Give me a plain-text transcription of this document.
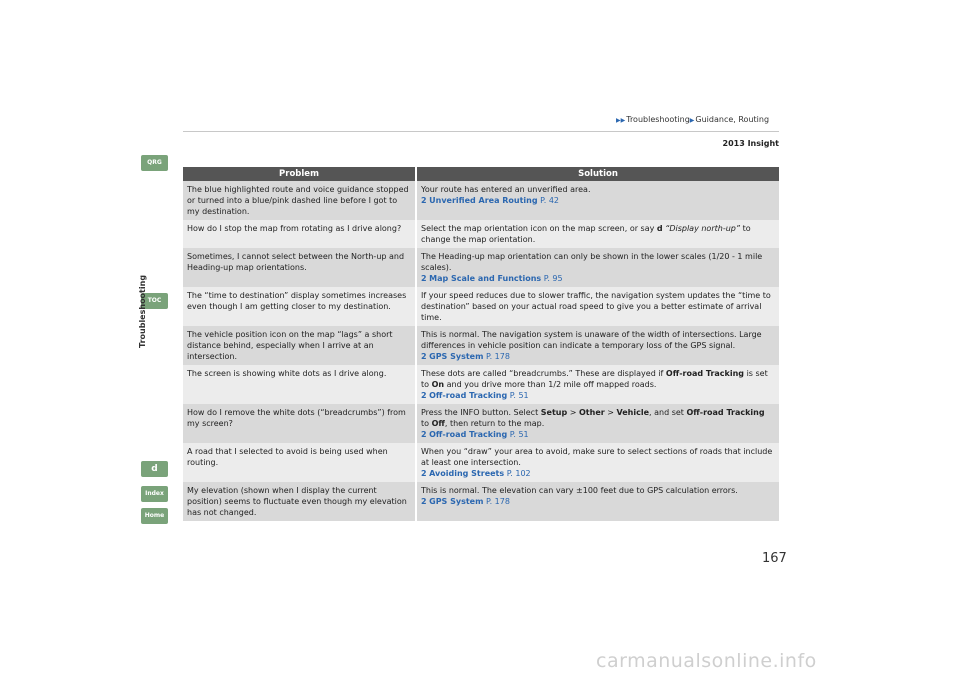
▶▶Troubleshooting▶Guidance, Routing
2013 Insight
QRG
TOC
Troubleshooting
d
Index
Home
Problem	Solution
The blue highlighted route and voice guidance stopped or turned into a blue/pink dashed line before I got to my destination.	Your route has entered an unverified area.
2 Unverified Area Routing P. 42

How do I stop the map from rotating as I drive along?	Select the map orientation icon on the map screen, or say d “Display north-up” to change the map orientation.
Sometimes, I cannot select between the North-up and Heading-up map orientations.	The Heading-up map orientation can only be shown in the lower scales (1/20 - 1 mile scales).
2 Map Scale and Functions P. 95

The “time to destination” display sometimes increases even though I am getting closer to my destination.	If your speed reduces due to slower traffic, the navigation system updates the “time to destination” based on your actual road speed to give you a better estimate of arrival time.
The vehicle position icon on the map “lags” a short distance behind, especially when I arrive at an intersection.	This is normal. The navigation system is unaware of the width of intersections. Large differences in vehicle position can indicate a temporary loss of the GPS signal.
2 GPS System P. 178

The screen is showing white dots as I drive along.	These dots are called “breadcrumbs.” These are displayed if Off-road Tracking is set to On and you drive more than 1/2 mile off mapped roads.
2 Off-road Tracking P. 51

How do I remove the white dots (“breadcrumbs”) from my screen?	Press the INFO button. Select Setup > Other > Vehicle, and set Off-road Tracking to Off, then return to the map.
2 Off-road Tracking P. 51

A road that I selected to avoid is being used when routing.	When you “draw” your area to avoid, make sure to select sections of roads that include at least one intersection.
2 Avoiding Streets P. 102

My elevation (shown when I display the current position) seems to fluctuate even though my elevation has not changed.	This is normal. The elevation can vary ±100 feet due to GPS calculation errors.
2 GPS System P. 178
167
carmanualsonline.info
